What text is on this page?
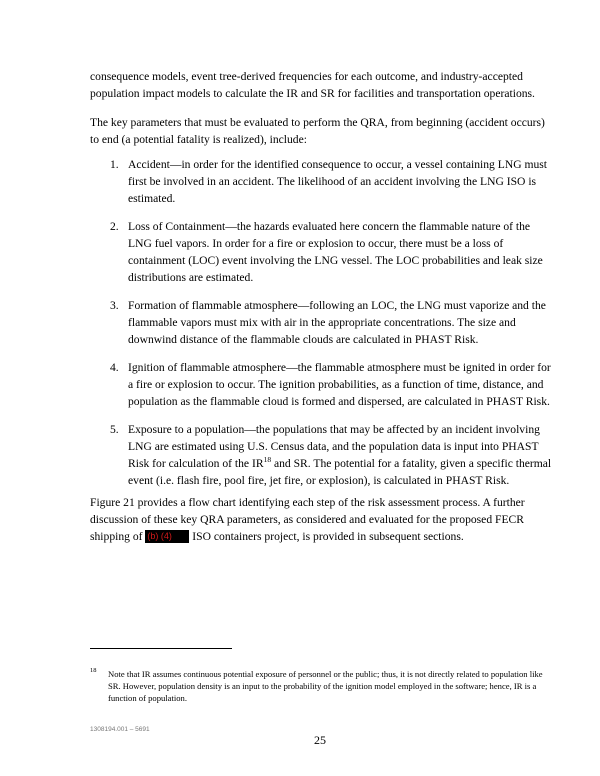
consequence models, event tree-derived frequencies for each outcome, and industry-accepted population impact models to calculate the IR and SR for facilities and transportation operations.

The key parameters that must be evaluated to perform the QRA, from beginning (accident occurs) to end (a potential fatality is realized), include:

1. Accident—in order for the identified consequence to occur, a vessel containing LNG must first be involved in an accident. The likelihood of an accident involving the LNG ISO is estimated.
2. Loss of Containment—the hazards evaluated here concern the flammable nature of the LNG fuel vapors. In order for a fire or explosion to occur, there must be a loss of containment (LOC) event involving the LNG vessel. The LOC probabilities and leak size distributions are estimated.
3. Formation of flammable atmosphere—following an LOC, the LNG must vaporize and the flammable vapors must mix with air in the appropriate concentrations. The size and downwind distance of the flammable clouds are calculated in PHAST Risk.
4. Ignition of flammable atmosphere—the flammable atmosphere must be ignited in order for a fire or explosion to occur. The ignition probabilities, as a function of time, distance, and population as the flammable cloud is formed and dispersed, are calculated in PHAST Risk.
5. Exposure to a population—the populations that may be affected by an incident involving LNG are estimated using U.S. Census data, and the population data is input into PHAST Risk for calculation of the IR$^{18}$ and SR. The potential for a fatality, given a specific thermal event (i.e. flash fire, pool fire, jet fire, or explosion), is calculated in PHAST Risk.

Figure 21 provides a flow chart identifying each step of the risk assessment process. A further discussion of these key QRA parameters, as considered and evaluated for the proposed FECR shipping of (b) (4) ISO containers project, is provided in subsequent sections.

18	Note that IR assumes continuous potential exposure of personnel or the public; thus, it is not directly related to population like SR. However, population density is an input to the probability of the ignition model employed in the software; hence, IR is a function of population.
1308194.001 – 5691
25
